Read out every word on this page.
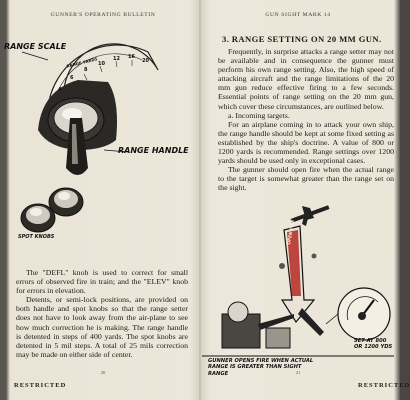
GUNNER'S OPERATING BULLETIN
RANGE SCALE
RANGE HANDLE
SPOT KNOBS
RANGE YARDS
4
6
8
10
12 16
20

The "DEFL" knob is used to correct for small errors of observed fire in train; and the "ELEV" knob for errors in elevation.

Detents, or semi-lock positions, are provided on both handle and spot knobs so that the range setter does not have to look away from the air-plane to see how much correction he is making. The range handle is detented in steps of 400 yards. The spot knobs are detented in 5 mil steps. A total of 25 mils correction may be made on either side of center.

20
RESTRICTED
GUN SIGHT MARK 14
3. RANGE SETTING ON 20 MM GUN.

Frequently, in surprise attacks a range setter may not be available and in consequence the gunner must perform his own range setting. Also, the high speed of attacking aircraft and the range limitations of the 20 mm gun reduce effective firing to a few seconds. Essential points of range setting on the 20 mm gun, which cover these circumstances, are outlined below.

a. Incoming targets.

For an airplane coming in to attack your own ship, the range handle should be kept at some fixed setting as established by the ship's doctrine. A value of 800 or 1200 yards is recommended. Range settings over 1200 yards should be used only in exceptional cases.

The gunner should open fire when the actual range to the target is somewhat greater than the range set on the sight.

OPEN FIRE
GUNNER OPENS FIRE WHEN ACTUAL RANGE IS GREATER THAN SIGHT RANGE
SET AT 800 OR 1200 YDS
21
RESTRICTED
